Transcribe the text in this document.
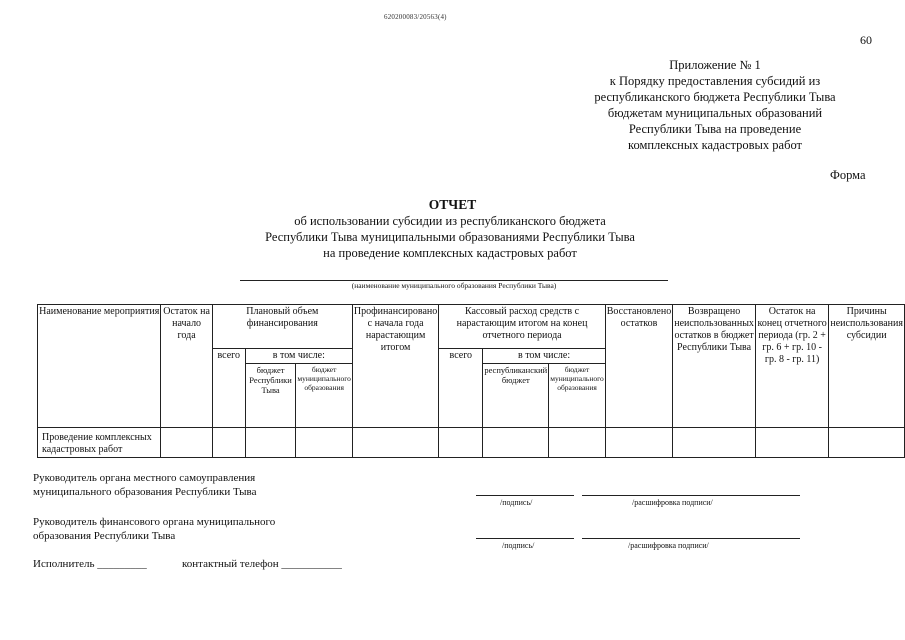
620200083/20563(4)
60
Приложение № 1
к Порядку предоставления субсидий из
республиканского бюджета Республики Тыва
бюджетам муниципальных образований
Республики Тыва на проведение
комплексных кадастровых работ
Форма
ОТЧЕТ
об использовании субсидии из республиканского бюджета
Республики Тыва муниципальными образованиями Республики Тыва
на проведение комплексных кадастровых работ
(наименование муниципального образования Республики Тыва)
Наименование мероприятия	Остаток на начало года	Плановый объем финансирования			Профинансировано с начала года нарастающим итогом	Кассовый расход средств с нарастающим итогом на конец отчетного периода			Восстановлено остатков	Возвращено неиспользованных остатков в бюджет Республики Тыва	Остаток на конец отчетного периода (гр. 2 + гр. 6 + гр. 10 - гр. 8 - гр. 11)	Причины неиспользования субсидии
		всего	в том числе:			всего	в том числе:					
			бюджет Республики Тыва	бюджет муниципального образования			республиканский бюджет	бюджет муниципального образования				
Проведение комплексных кадастровых работ												
Руководитель органа местного самоуправления муниципального образования Республики Тыва
/подпись/	/расшифровка подписи/
Руководитель финансового органа муниципального образования Республики Тыва
/подпись/	/расшифровка подписи/
Исполнитель _________	контактный телефон ___________
